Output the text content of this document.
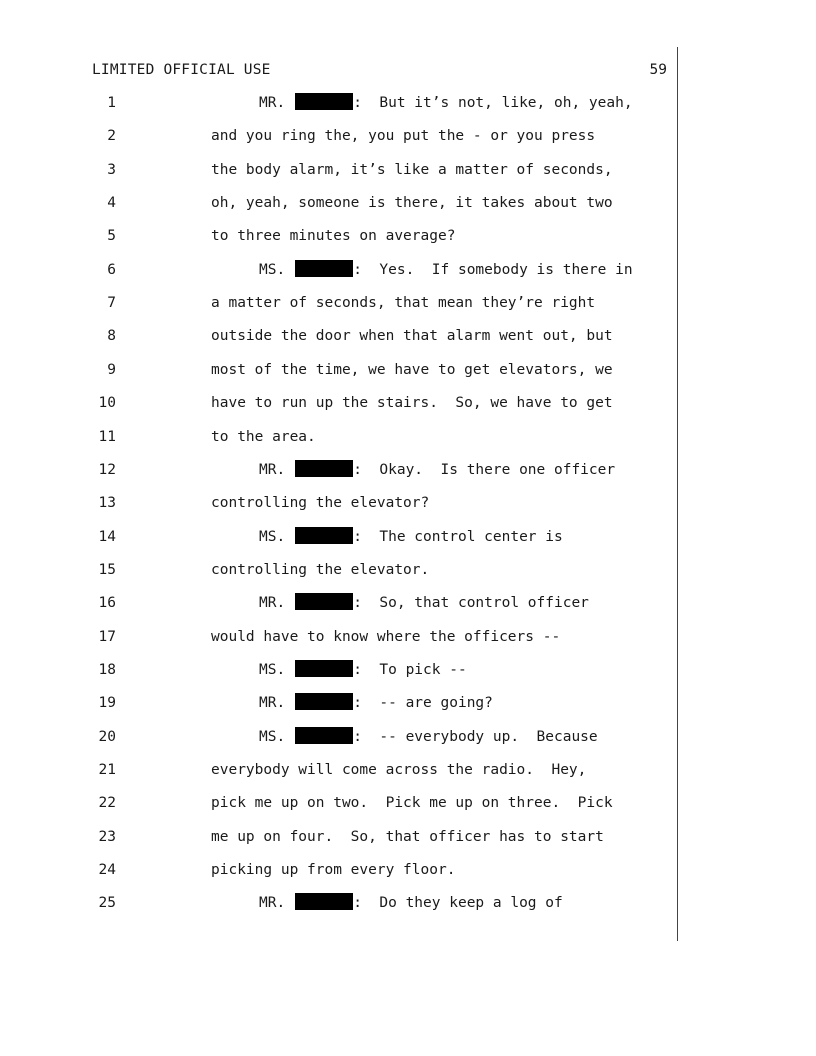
LIMITED OFFICIAL USE	59
1	MR.	:  But it’s not, like, oh, yeah,
2	and you ring the, you put the - or you press
3	the body alarm, it’s like a matter of seconds,
4	oh, yeah, someone is there, it takes about two
5	to three minutes on average?
6	MS.	:  Yes.  If somebody is there in
7	a matter of seconds, that mean they’re right
8	outside the door when that alarm went out, but
9	most of the time, we have to get elevators, we
10	have to run up the stairs.  So, we have to get
11	to the area.
12	MR.	:  Okay.  Is there one officer
13	controlling the elevator?
14	MS.	:  The control center is
15	controlling the elevator.
16	MR.	:  So, that control officer
17	would have to know where the officers --
18	MS.	:  To pick --
19	MR.	:  -- are going?
20	MS.	:  -- everybody up.  Because
21	everybody will come across the radio.  Hey,
22	pick me up on two.  Pick me up on three.  Pick
23	me up on four.  So, that officer has to start
24	picking up from every floor.
25	MR.	:  Do they keep a log of
